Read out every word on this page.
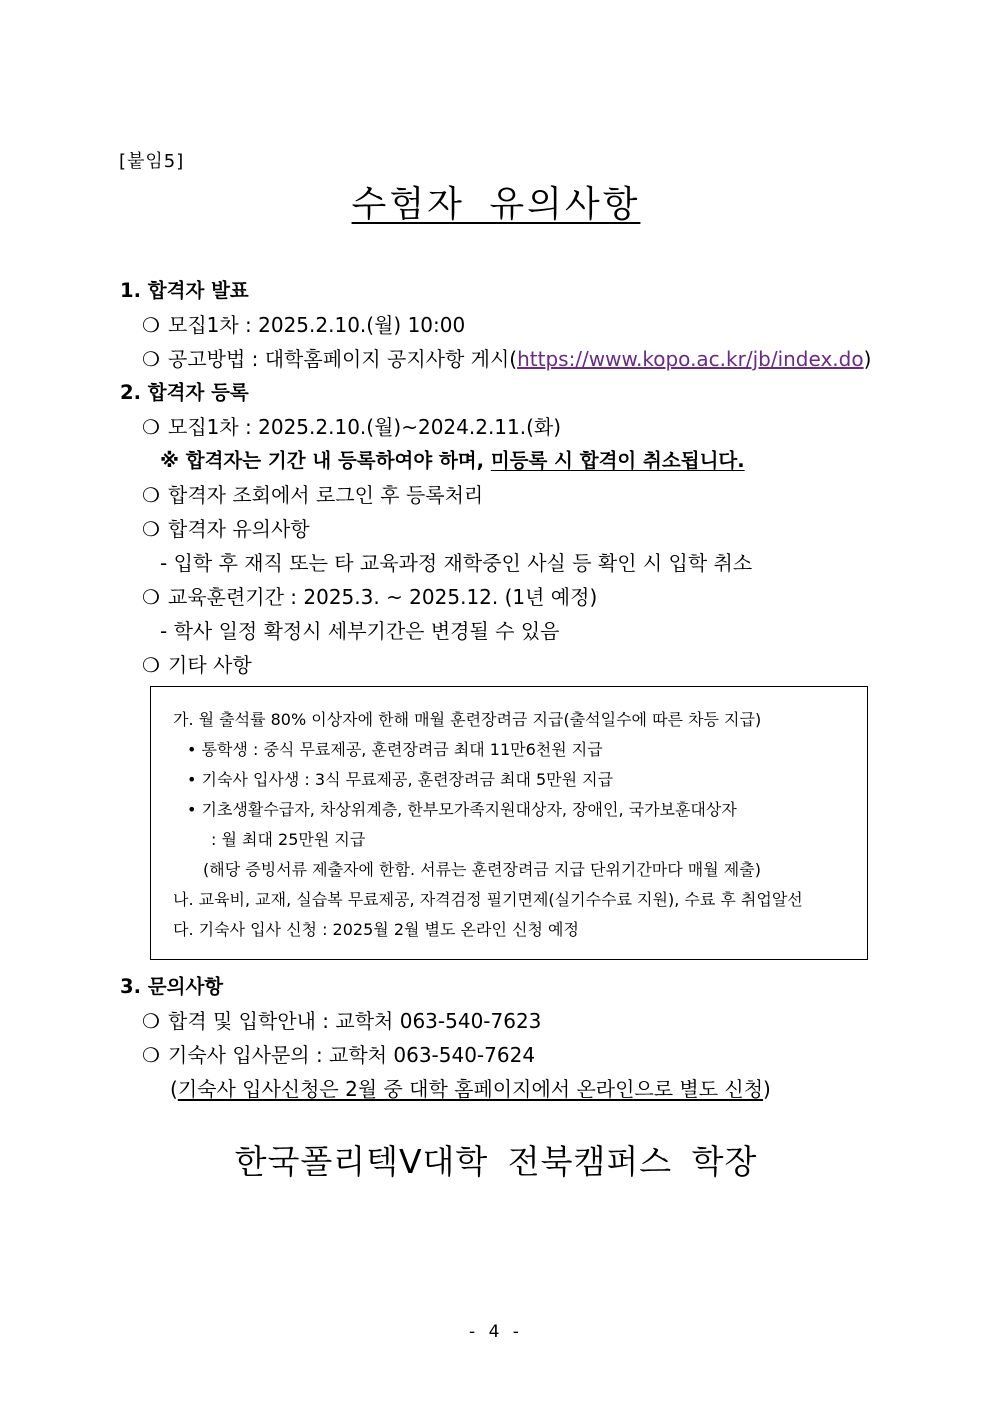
[붙임5]
수험자 유의사항
1. 합격자 발표
❍ 모집1차 : 2025.2.10.(월) 10:00
❍ 공고방법 : 대학홈페이지 공지사항 게시(https://www.kopo.ac.kr/jb/index.do)
2. 합격자 등록
❍ 모집1차 : 2025.2.10.(월)~2024.2.11.(화)
※ 합격자는 기간 내 등록하여야 하며, 미등록 시 합격이 취소됩니다.
❍ 합격자 조회에서 로그인 후 등록처리
❍ 합격자 유의사항
- 입학 후 재직 또는 타 교육과정 재학중인 사실 등 확인 시 입학 취소
❍ 교육훈련기간 : 2025.3. ~ 2025.12. (1년 예정)
- 학사 일정 확정시 세부기간은 변경될 수 있음
❍ 기타 사항
가. 월 출석률 80% 이상자에 한해 매월 훈련장려금 지급(출석일수에 따른 차등 지급)
• 통학생 : 중식 무료제공, 훈련장려금 최대 11만6천원 지급
• 기숙사 입사생 : 3식 무료제공, 훈련장려금 최대 5만원 지급
• 기초생활수급자, 차상위계층, 한부모가족지원대상자, 장애인, 국가보훈대상자
: 월 최대 25만원 지급
(해당 증빙서류 제출자에 한함. 서류는 훈련장려금 지급 단위기간마다 매월 제출)
나. 교육비, 교재, 실습복 무료제공, 자격검정 필기면제(실기수수료 지원), 수료 후 취업알선
다. 기숙사 입사 신청 : 2025월 2월 별도 온라인 신청 예정
3. 문의사항
❍ 합격 및 입학안내 : 교학처 063-540-7623
❍ 기숙사 입사문의 : 교학처 063-540-7624
(기숙사 입사신청은 2월 중 대학 홈페이지에서 온라인으로 별도 신청)
한국폴리텍V대학 전북캠퍼스 학장
- 4 -
